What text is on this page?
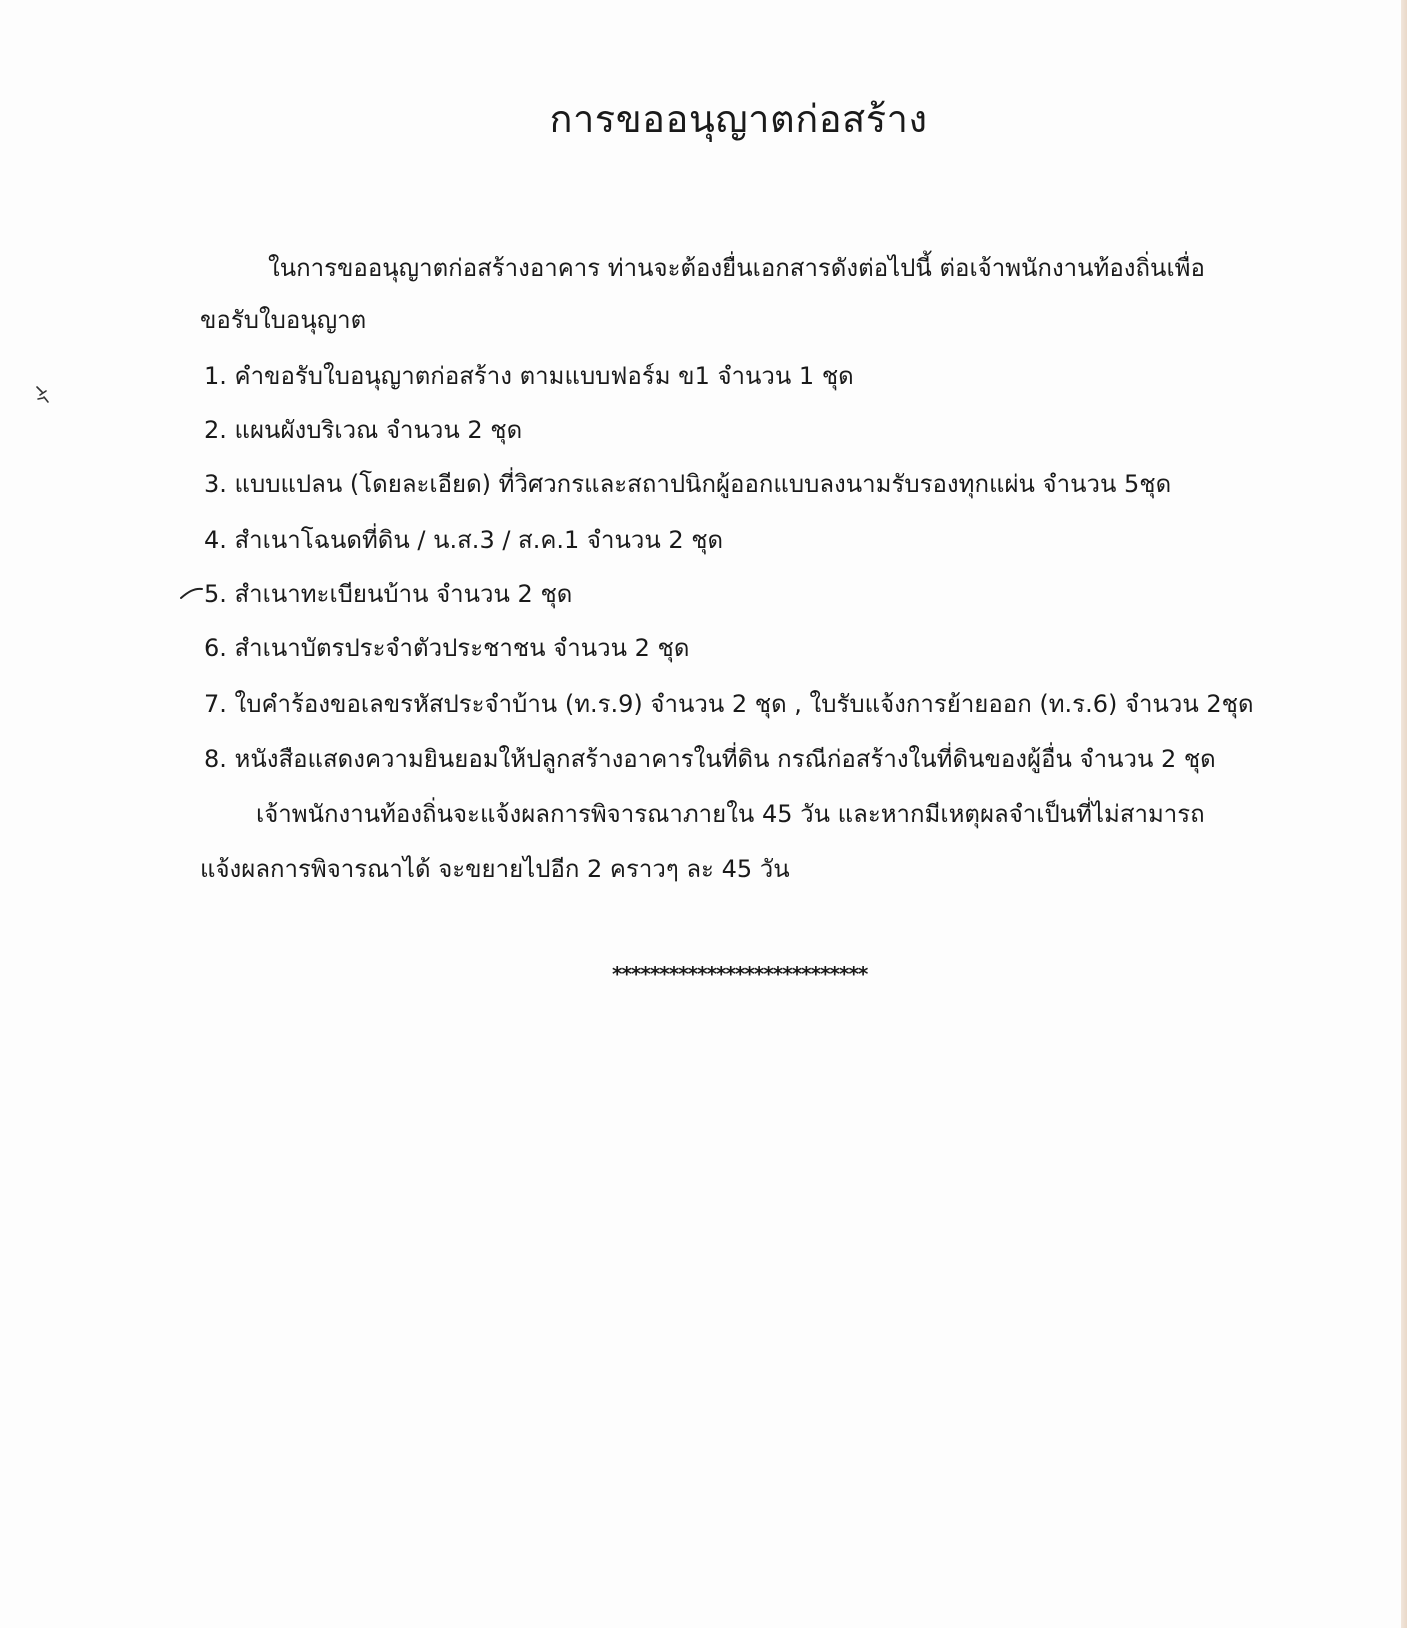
การขออนุญาตก่อสร้าง
ในการขออนุญาตก่อสร้างอาคาร ท่านจะต้องยื่นเอกสารดังต่อไปนี้ ต่อเจ้าพนักงานท้องถิ่นเพื่อ
ขอรับใบอนุญาต
1. คำขอรับใบอนุญาตก่อสร้าง ตามแบบฟอร์ม ข1 จำนวน 1 ชุด
2. แผนผังบริเวณ จำนวน 2 ชุด
3. แบบแปลน (โดยละเอียด) ที่วิศวกรและสถาปนิกผู้ออกแบบลงนามรับรองทุกแผ่น จำนวน 5ชุด
4. สำเนาโฉนดที่ดิน / น.ส.3 / ส.ค.1 จำนวน 2 ชุด
5. สำเนาทะเบียนบ้าน จำนวน 2 ชุด
6. สำเนาบัตรประจำตัวประชาชน จำนวน 2 ชุด
7. ใบคำร้องขอเลขรหัสประจำบ้าน (ท.ร.9) จำนวน 2 ชุด , ใบรับแจ้งการย้ายออก (ท.ร.6) จำนวน 2ชุด
8. หนังสือแสดงความยินยอมให้ปลูกสร้างอาคารในที่ดิน กรณีก่อสร้างในที่ดินของผู้อื่น จำนวน 2 ชุด
เจ้าพนักงานท้องถิ่นจะแจ้งผลการพิจารณาภายใน 45 วัน และหากมีเหตุผลจำเป็นที่ไม่สามารถ
แจ้งผลการพิจารณาได้ จะขยายไปอีก 2 คราวๆ ละ 45 วัน
***************************
